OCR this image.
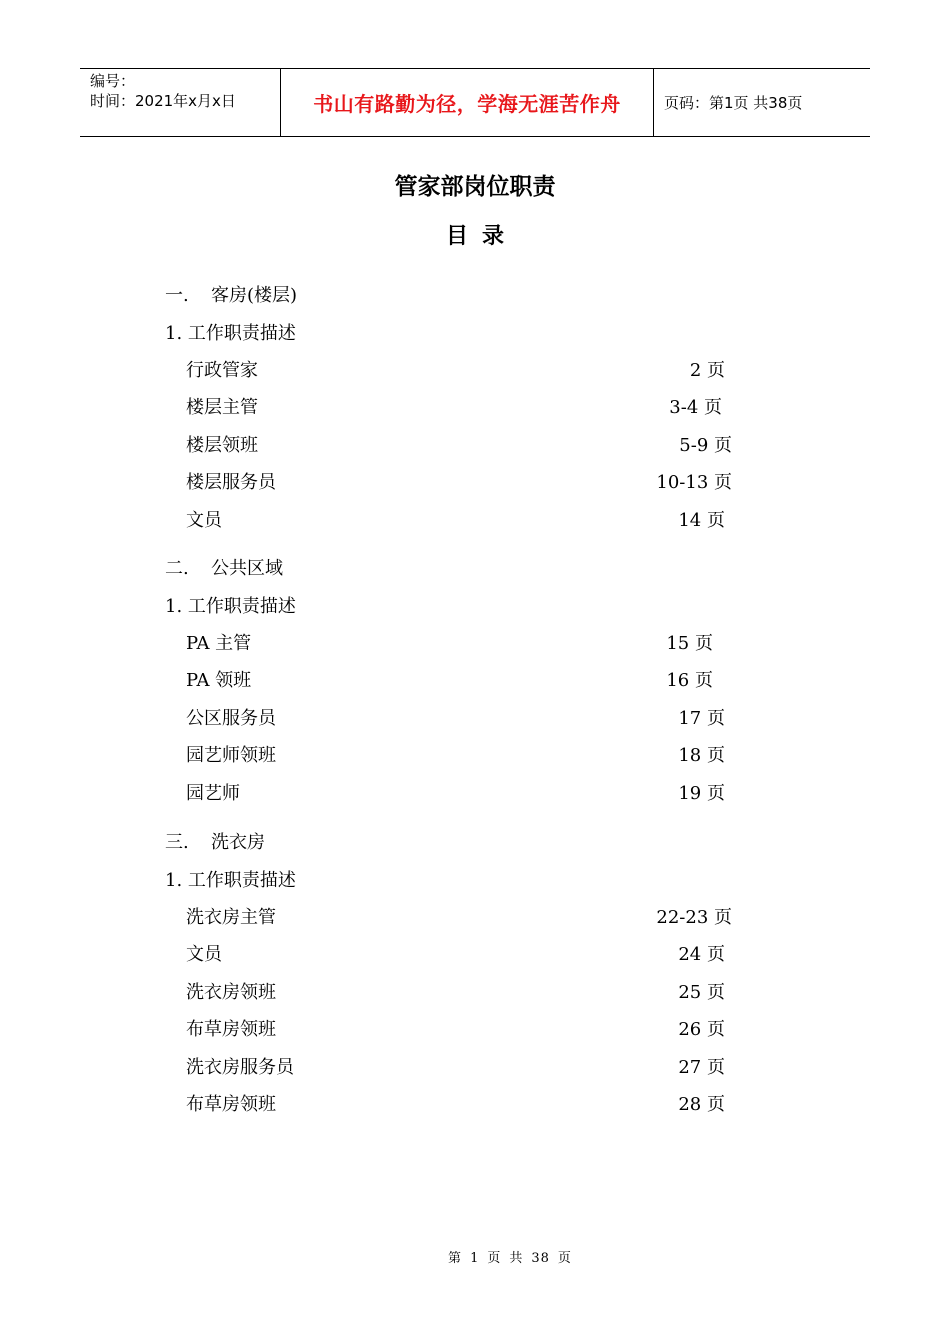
编号：
时间：2021年x月x日	书山有路勤为径，学海无涯苦作舟	页码：第1页 共38页
管家部岗位职责
目录
一. 客房(楼层)
1. 工作职责描述
行政管家	2 页
楼层主管	3-4 页
楼层领班	5-9 页
楼层服务员	10-13 页
文员	14 页
二. 公共区域
1. 工作职责描述
PA 主管	15 页
PA 领班	16 页
公区服务员	17 页
园艺师领班	18 页
园艺师	19 页
三. 洗衣房
1. 工作职责描述
洗衣房主管	22-23 页
文员	24 页
洗衣房领班	25 页
布草房领班	26 页
洗衣房服务员	27 页
布草房领班	28 页
第 1 页 共 38 页
